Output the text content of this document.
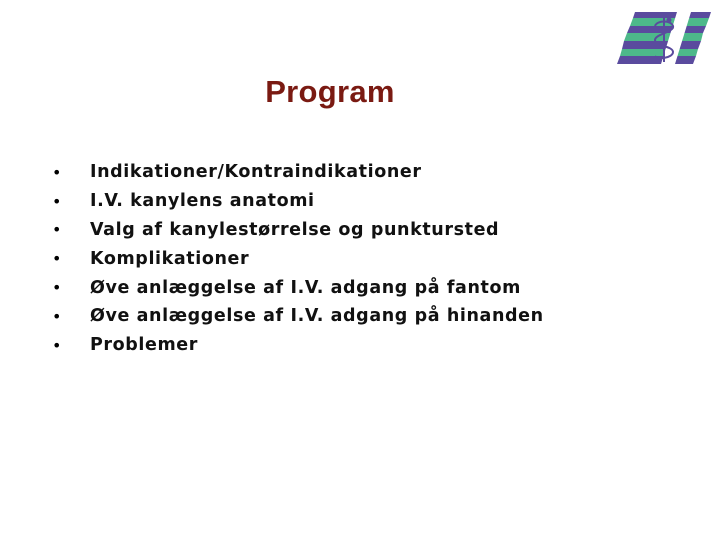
Program
•	Indikationer/Kontraindikationer
•	I.V. kanylens anatomi
•	Valg af kanylestørrelse og punktursted
•	Komplikationer
•	Øve anlæggelse af I.V. adgang på fantom
•	Øve anlæggelse af I.V. adgang på hinanden
•	Problemer
